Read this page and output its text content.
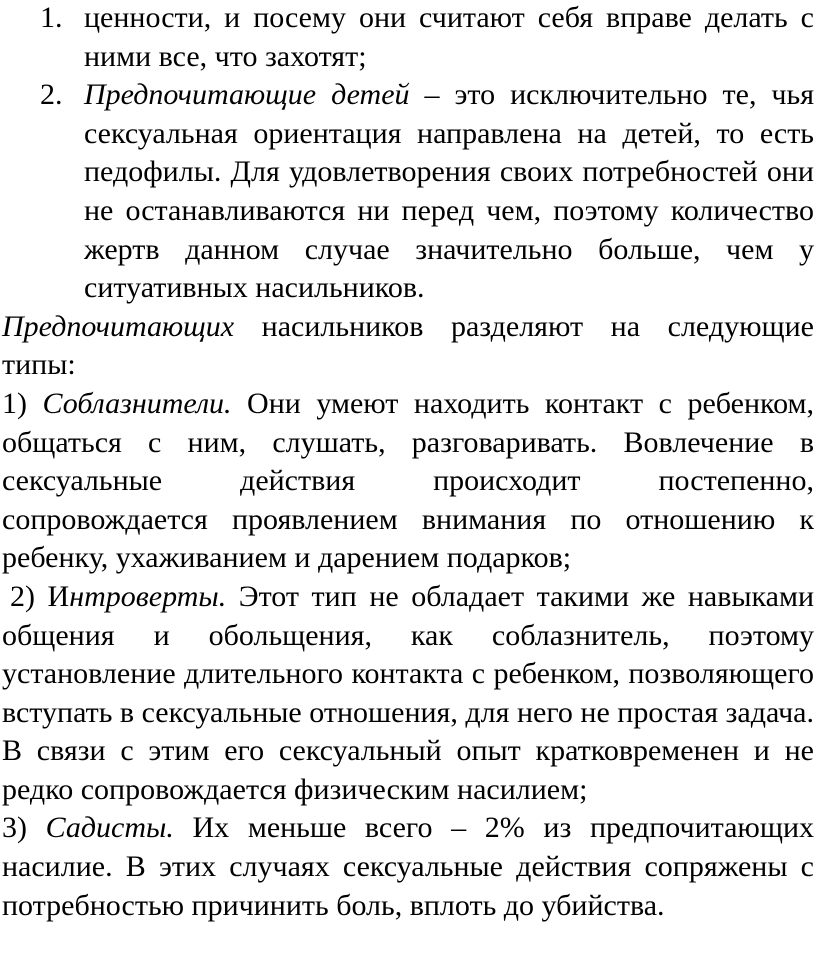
1. ценности, и посему они считают себя вправе делать с ними все, что захотят;
2. Предпочитающие детей – это исключительно те, чья сексуальная ориентация направлена на детей, то есть педофилы. Для удовлетворения своих потребностей они не останавливаются ни перед чем, поэтому количество жертв данном случае значительно больше, чем у ситуативных насильников.

Предпочитающих насильников разделяют на следующие типы:

1) Соблазнители. Они умеют находить контакт с ребенком, общаться с ним, слушать, разговаривать. Вовлечение в сексуальные действия происходит постепенно, сопровождается проявлением внимания по отношению к ребенку, ухаживанием и дарением подарков;

2) Интроверты. Этот тип не обладает такими же навыками общения и обольщения, как соблазнитель, поэтому установление длительного контакта с ребенком, позволяющего вступать в сексуальные отношения, для него не простая задача. В связи с этим его сексуальный опыт кратковременен и не редко сопровождается физическим насилием;

3) Садисты. Их меньше всего – 2% из предпочитающих насилие. В этих случаях сексуальные действия сопряжены с потребностью причинить боль, вплоть до убийства.
